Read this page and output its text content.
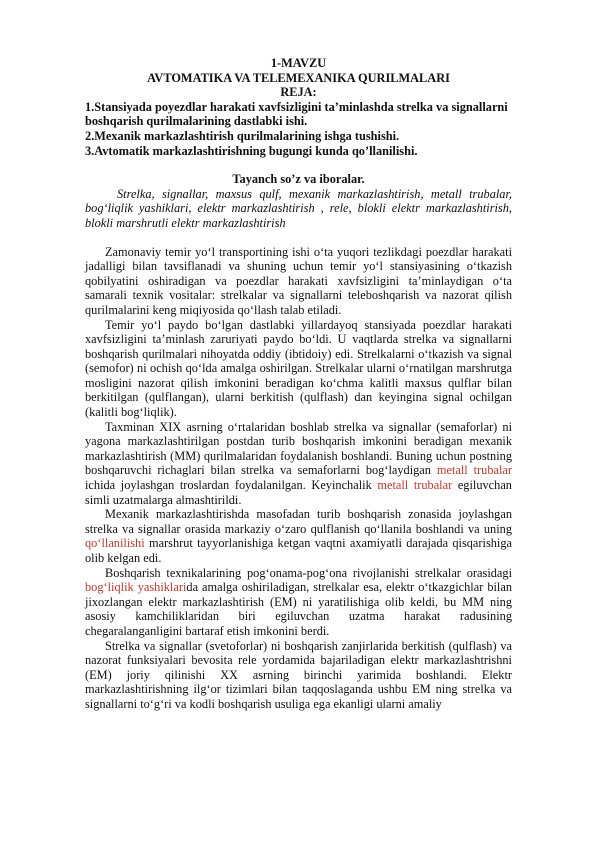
1-MAVZU
AVTOMATIKA VA TELEMEXANIKA QURILMALARI
REJA:

1.Stansiyada poyezdlar harakati xavfsizligini ta’minlashda strelka va signallarni boshqarish qurilmalarining dastlabki ishi.

2.Mexanik markazlashtirish qurilmalarining ishga tushishi.

3.Avtomatik markazlashtirishning bugungi kunda qo’llanilishi.

Tayanch so’z va iboralar.

Strelka, signallar, maxsus qulf, mexanik markazlashtirish, metall trubalar, bog‘liqlik yashiklari, elektr markazlashtirish , rele, blokli elektr markazlashtirish, blokli marshrutli elektr markazlashtirish

Zamonaviy temir yo‘l transportining ishi o‘ta yuqori tezlikdagi poezdlar harakati jadalligi bilan tavsiflanadi va shuning uchun temir yo‘l stansiyasining o‘tkazish qobilyatini oshiradigan va poezdlar harakati xavfsizligini ta’minlaydigan o‘ta samarali texnik vositalar: strelkalar va signallarni teleboshqarish va nazorat qilish qurilmalarini keng miqiyosida qo‘llash talab etiladi.

Temir yo‘l paydo bo‘lgan dastlabki yillardayoq stansiyada poezdlar harakati xavfsizligini ta’minlash zaruriyati paydo bo‘ldi. U vaqtlarda strelka va signallarni boshqarish qurilmalari nihoyatda oddiy (ibtidoiy) edi. Strelkalarni o‘tkazish va signal (semofor) ni ochish qo‘lda amalga oshirilgan. Strelkalar ularni o‘rnatilgan marshrutga mosligini nazorat qilish imkonini beradigan ko‘chma kalitli maxsus qulflar bilan berkitilgan (qulflangan), ularni berkitish (qulflash) dan keyingina signal ochilgan (kalitli bog‘liqlik).

Taxminan XIX asrning o‘rtalaridan boshlab strelka va signallar (semaforlar) ni yagona markazlashtirilgan postdan turib boshqarish imkonini beradigan mexanik markazlashtirish (MM) qurilmalaridan foydalanish boshlandi. Buning uchun postning boshqaruvchi richaglari bilan strelka va semaforlarni bog‘laydigan metall trubalar ichida joylashgan troslardan foydalanilgan. Keyinchalik metall trubalar egiluvchan simli uzatmalarga almashtirildi.

Mexanik markazlashtirishda masofadan turib boshqarish zonasida joylashgan strelka va signallar orasida markaziy o‘zaro qulflanish qo‘llanila boshlandi va uning qo‘llanilishi marshrut tayyorlanishiga ketgan vaqtni axamiyatli darajada qisqarishiga olib kelgan edi.

Boshqarish texnikalarining pog‘onama-pog‘ona rivojlanishi strelkalar orasidagi bog‘liqlik yashiklarida amalga oshiriladigan, strelkalar esa, elektr o‘tkazgichlar bilan jixozlangan elektr markazlashtirish (EM) ni yaratilishiga olib keldi, bu MM ning asosiy kamchiliklaridan biri egiluvchan uzatma harakat radusining chegaralanganligini bartaraf etish imkonini berdi.

Strelka va signallar (svetoforlar) ni boshqarish zanjirlarida berkitish (qulflash) va nazorat funksiyalari bevosita rele yordamida bajariladigan elektr markazlashtrishni (EM) joriy qilinishi XX asrning birinchi yarimida boshlandi. Elektr markazlashtirishning ilg‘or tizimlari bilan taqqoslaganda ushbu EM ning strelka va signallarni to‘g‘ri va kodli boshqarish usuliga ega ekanligi ularni amaliy
